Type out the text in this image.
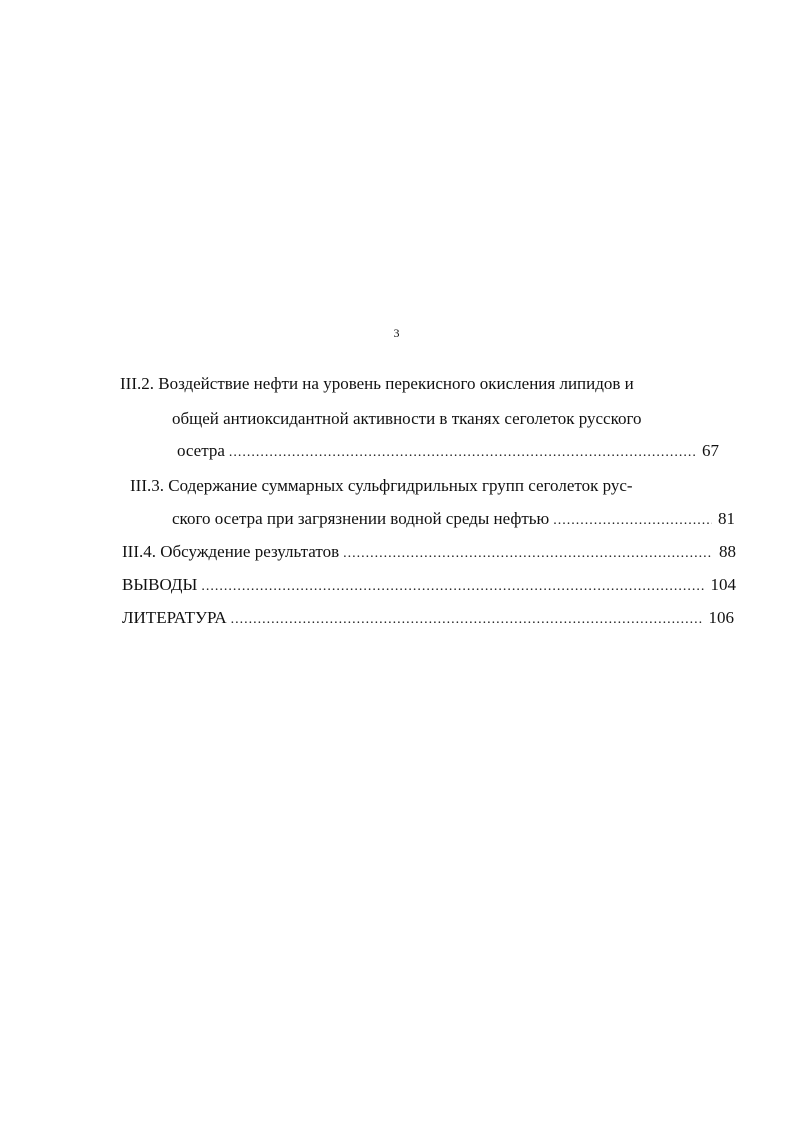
3
III.2. Воздействие нефти на уровень перекисного окисления липидов и
общей антиоксидантной активности в тканях сеголеток русского
осетра .....	67
III.3. Содержание суммарных сульфгидрильных групп сеголеток рус-
ского осетра при загрязнении водной среды нефтью .....	81
III.4. Обсуждение результатов .....	88
ВЫВОДЫ .....	104
ЛИТЕРАТУРА .....	106
